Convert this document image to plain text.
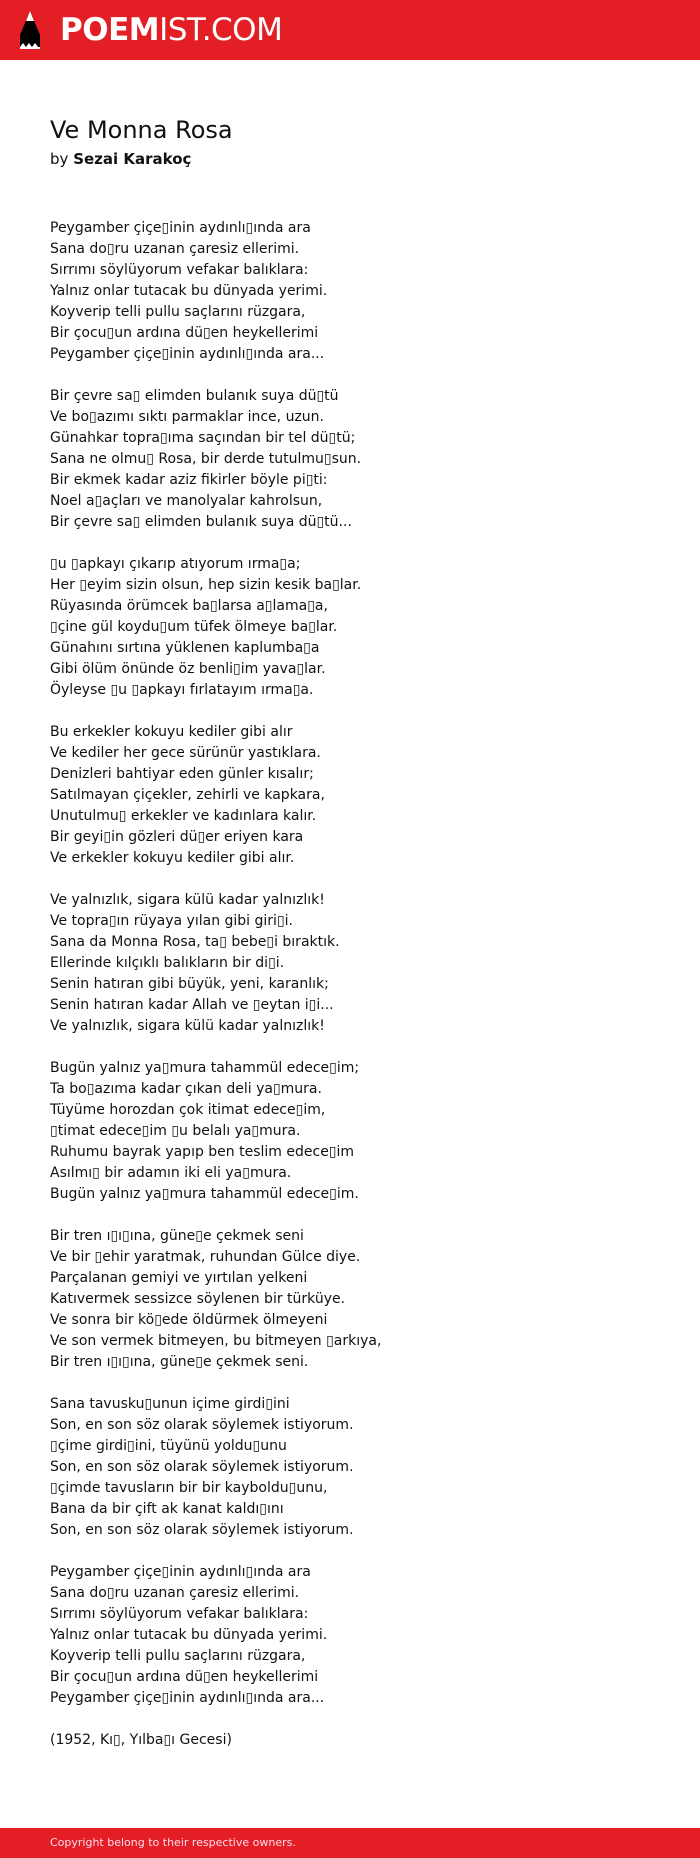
POEMIST.COM
Ve Monna Rosa
by Sezai Karakoç
Peygamber çiçe▯inin aydınlı▯ında ara
Sana do▯ru uzanan çaresiz ellerimi.
Sırrımı söylüyorum vefakar balıklara:
Yalnız onlar tutacak bu dünyada yerimi.
Koyverip telli pullu saçlarını rüzgara,
Bir çocu▯un ardına dü▯en heykellerimi
Peygamber çiçe▯inin aydınlı▯ında ara...
Bir çevre sa▯ elimden bulanık suya dü▯tü
Ve bo▯azımı sıktı parmaklar ince, uzun.
Günahkar topra▯ıma saçından bir tel dü▯tü;
Sana ne olmu▯ Rosa, bir derde tutulmu▯sun.
Bir ekmek kadar aziz fikirler böyle pi▯ti:
Noel a▯açları ve manolyalar kahrolsun,
Bir çevre sa▯ elimden bulanık suya dü▯tü...
▯u ▯apkayı çıkarıp atıyorum ırma▯a;
Her ▯eyim sizin olsun, hep sizin kesik ba▯lar.
Rüyasında örümcek ba▯larsa a▯lama▯a,
▯çine gül koydu▯um tüfek ölmeye ba▯lar.
Günahını sırtına yüklenen kaplumba▯a
Gibi ölüm önünde öz benli▯im yava▯lar.
Öyleyse ▯u ▯apkayı fırlatayım ırma▯a.
Bu erkekler kokuyu kediler gibi alır
Ve kediler her gece sürünür yastıklara.
Denizleri bahtiyar eden günler kısalır;
Satılmayan çiçekler, zehirli ve kapkara,
Unutulmu▯ erkekler ve kadınlara kalır.
Bir geyi▯in gözleri dü▯er eriyen kara
Ve erkekler kokuyu kediler gibi alır.
Ve yalnızlık, sigara külü kadar yalnızlık!
Ve topra▯ın rüyaya yılan gibi giri▯i.
Sana da Monna Rosa, ta▯ bebe▯i bıraktık.
Ellerinde kılçıklı balıkların bir di▯i.
Senin hatıran gibi büyük, yeni, karanlık;
Senin hatıran kadar Allah ve ▯eytan i▯i...
Ve yalnızlık, sigara külü kadar yalnızlık!
Bugün yalnız ya▯mura tahammül edece▯im;
Ta bo▯azıma kadar çıkan deli ya▯mura.
Tüyüme horozdan çok itimat edece▯im,
▯timat edece▯im ▯u belalı ya▯mura.
Ruhumu bayrak yapıp ben teslim edece▯im
Asılmı▯ bir adamın iki eli ya▯mura.
Bugün yalnız ya▯mura tahammül edece▯im.
Bir tren ı▯ı▯ına, güne▯e çekmek seni
Ve bir ▯ehir yaratmak, ruhundan Gülce diye.
Parçalanan gemiyi ve yırtılan yelkeni
Katıvermek sessizce söylenen bir türküye.
Ve sonra bir kö▯ede öldürmek ölmeyeni
Ve son vermek bitmeyen, bu bitmeyen ▯arkıya,
Bir tren ı▯ı▯ına, güne▯e çekmek seni.
Sana tavusku▯unun içime girdi▯ini
Son, en son söz olarak söylemek istiyorum.
▯çime girdi▯ini, tüyünü yoldu▯unu
Son, en son söz olarak söylemek istiyorum.
▯çimde tavusların bir bir kayboldu▯unu,
Bana da bir çift ak kanat kaldı▯ını
Son, en son söz olarak söylemek istiyorum.
Peygamber çiçe▯inin aydınlı▯ında ara
Sana do▯ru uzanan çaresiz ellerimi.
Sırrımı söylüyorum vefakar balıklara:
Yalnız onlar tutacak bu dünyada yerimi.
Koyverip telli pullu saçlarını rüzgara,
Bir çocu▯un ardına dü▯en heykellerimi
Peygamber çiçe▯inin aydınlı▯ında ara...
(1952, Kı▯, Yılba▯ı Gecesi)
Copyright belong to their respective owners.
